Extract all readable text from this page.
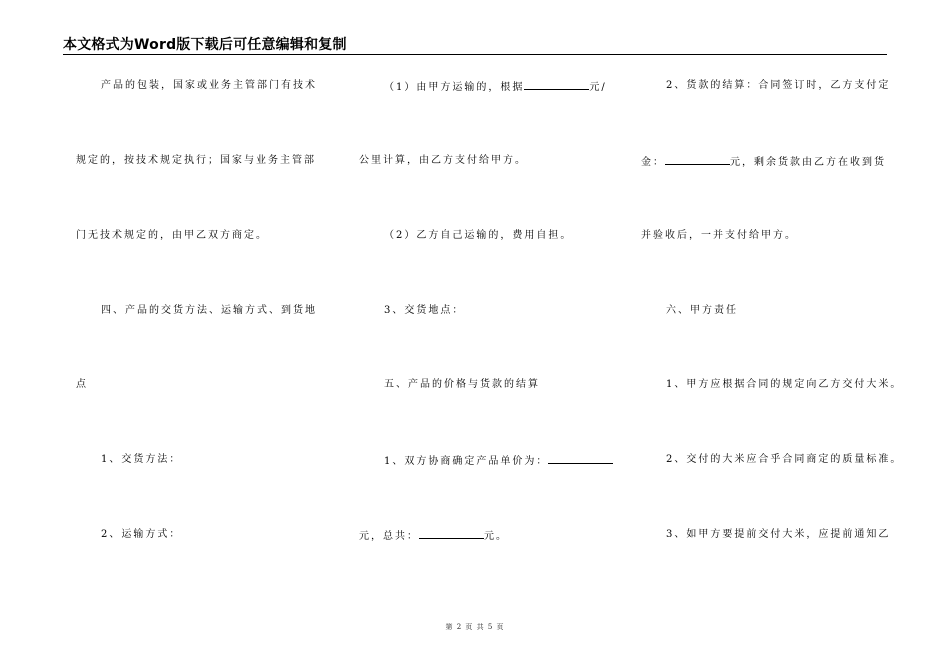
本文格式为Word版下载后可任意编辑和复制
产品的包装，国家或业务主管部门有技术
规定的，按技术规定执行；国家与业务主管部
门无技术规定的，由甲乙双方商定。
四、产品的交货方法、运输方式、到货地
点
1、交货方法：
2、运输方式：
（1）由甲方运输的，根据	元/
公里计算，由乙方支付给甲方。
（2）乙方自己运输的，费用自担。
3、交货地点：
五、产品的价格与货款的结算
1、双方协商确定产品单价为：
元，总共：	元。
2、货款的结算：合同签订时，乙方支付定
金：	元，剩余货款由乙方在收到货
并验收后，一并支付给甲方。
六、甲方责任
1、甲方应根据合同的规定向乙方交付大米。
2、交付的大米应合乎合同商定的质量标准。
3、如甲方要提前交付大米，应提前通知乙
第 2 页 共 5 页
